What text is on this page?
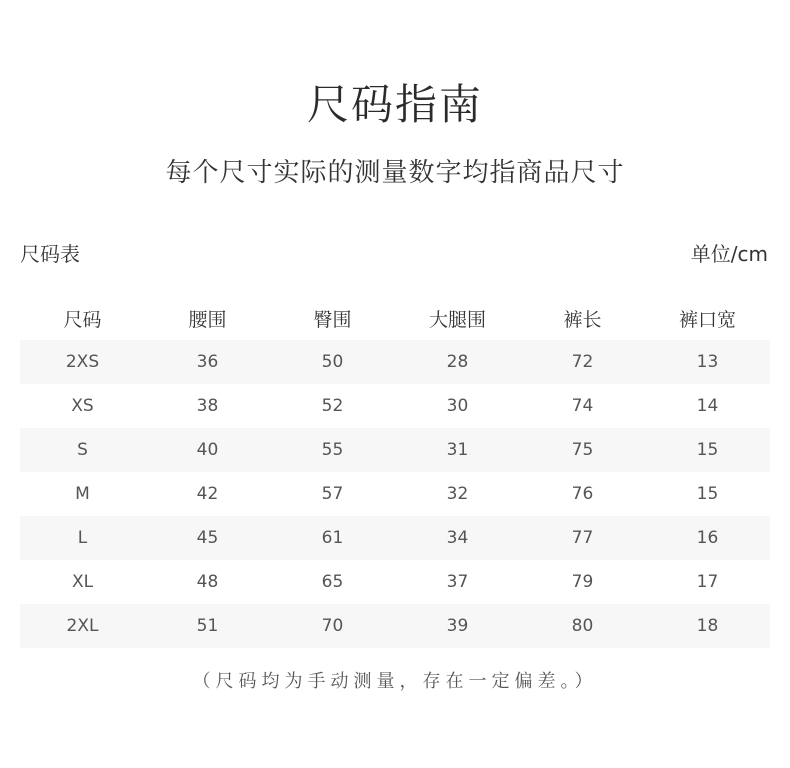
尺码指南
每个尺寸实际的测量数字均指商品尺寸
尺码表	单位/cm
尺码	腰围	臀围	大腿围	裤长	裤口宽
2XS	36	50	28	72	13
XS	38	52	30	74	14
S	40	55	31	75	15
M	42	57	32	76	15
L	45	61	34	77	16
XL	48	65	37	79	17
2XL	51	70	39	80	18
（尺码均为手动测量，存在一定偏差。）
